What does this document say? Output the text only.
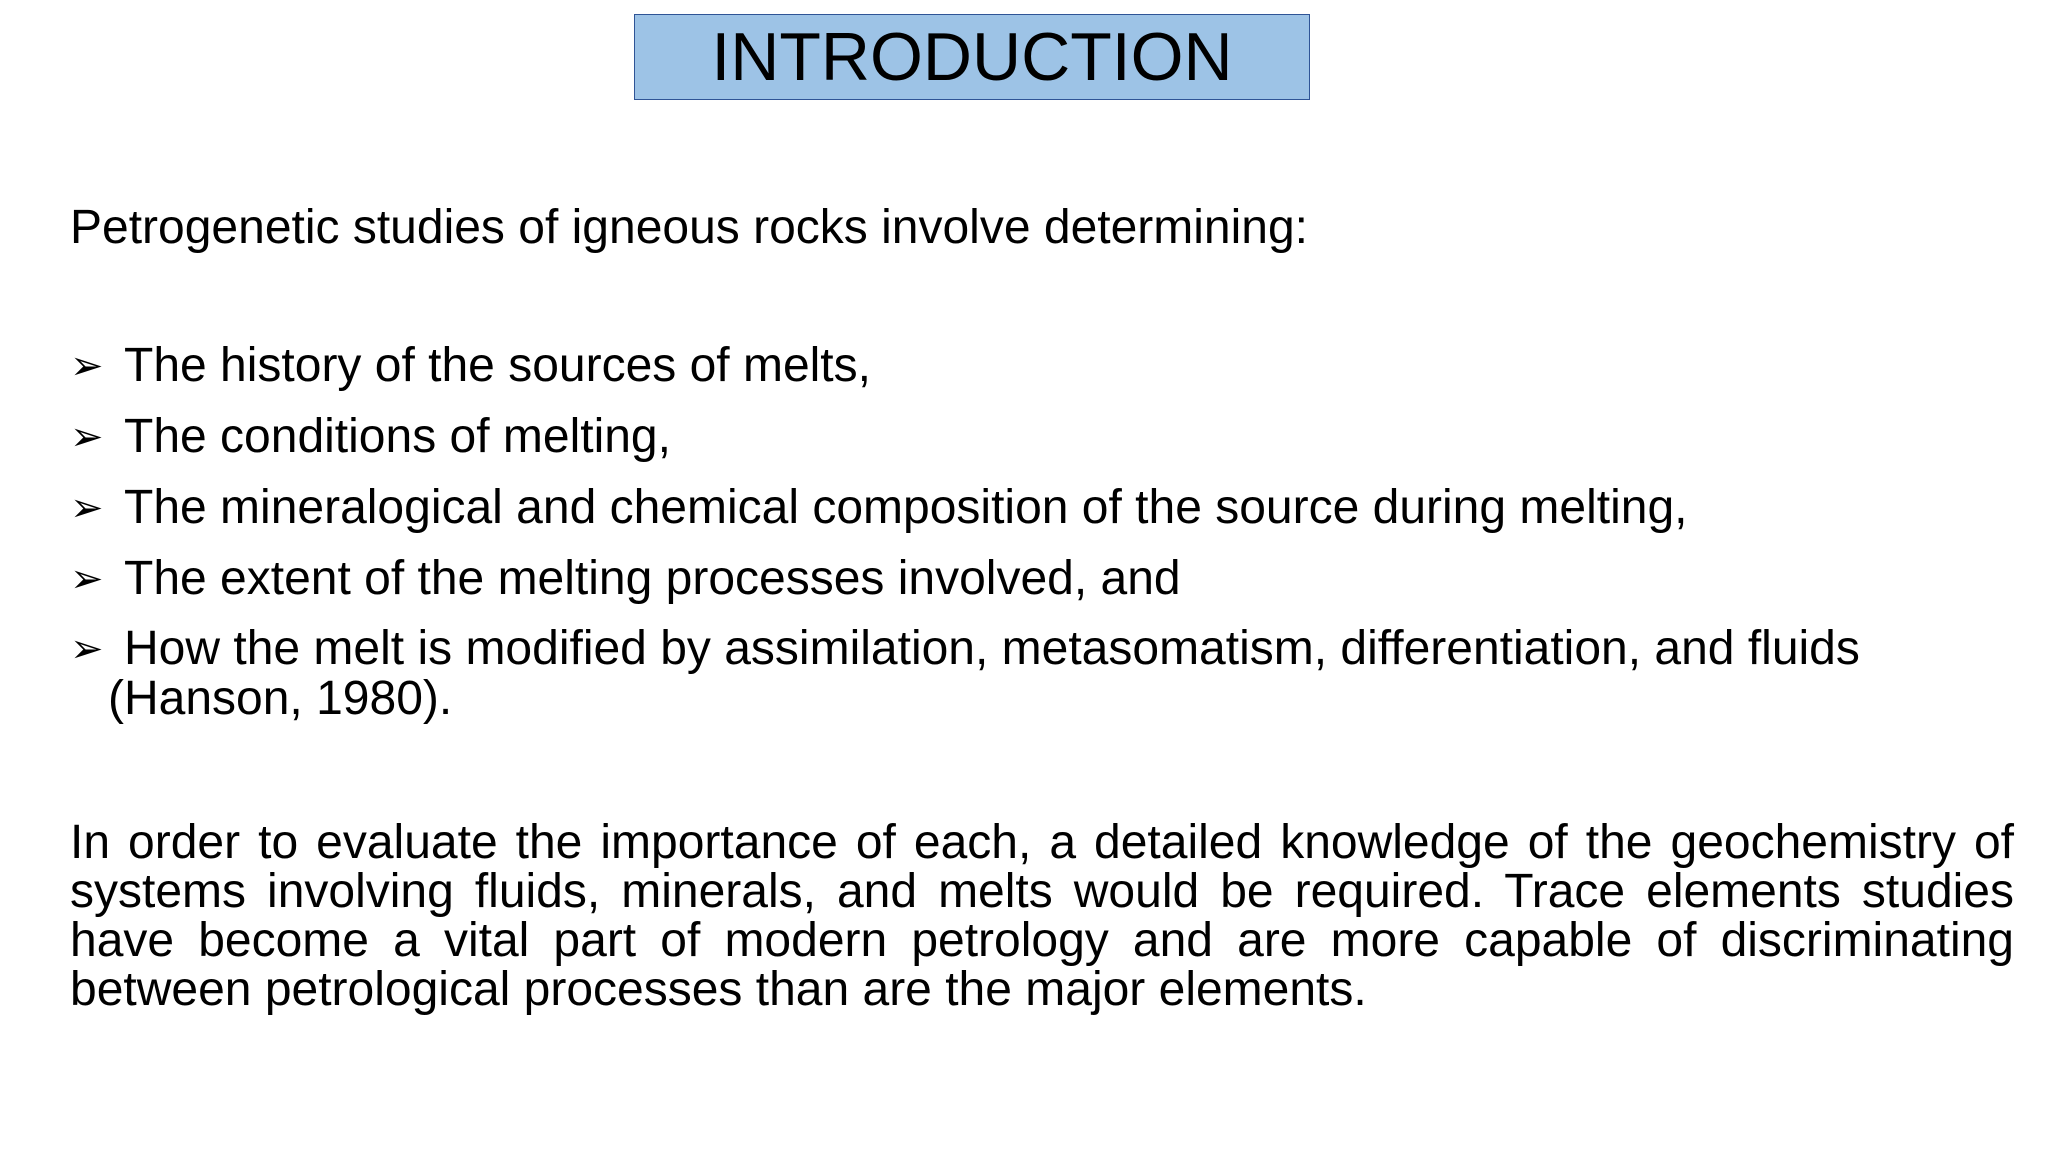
INTRODUCTION
Petrogenetic studies of igneous rocks involve determining:
➢ The history of the sources of melts,
➢ The conditions of melting,
➢ The mineralogical and chemical composition of the source during melting,
➢ The extent of the melting processes involved, and
➢ How the melt is modified by assimilation, metasomatism, differentiation, and fluids
(Hanson, 1980).

In order to evaluate the importance of each, a detailed knowledge of the geochemistry of systems involving fluids, minerals, and melts would be required. Trace elements studies have become a vital part of modern petrology and are more capable of discriminating between petrological processes than are the major elements.
